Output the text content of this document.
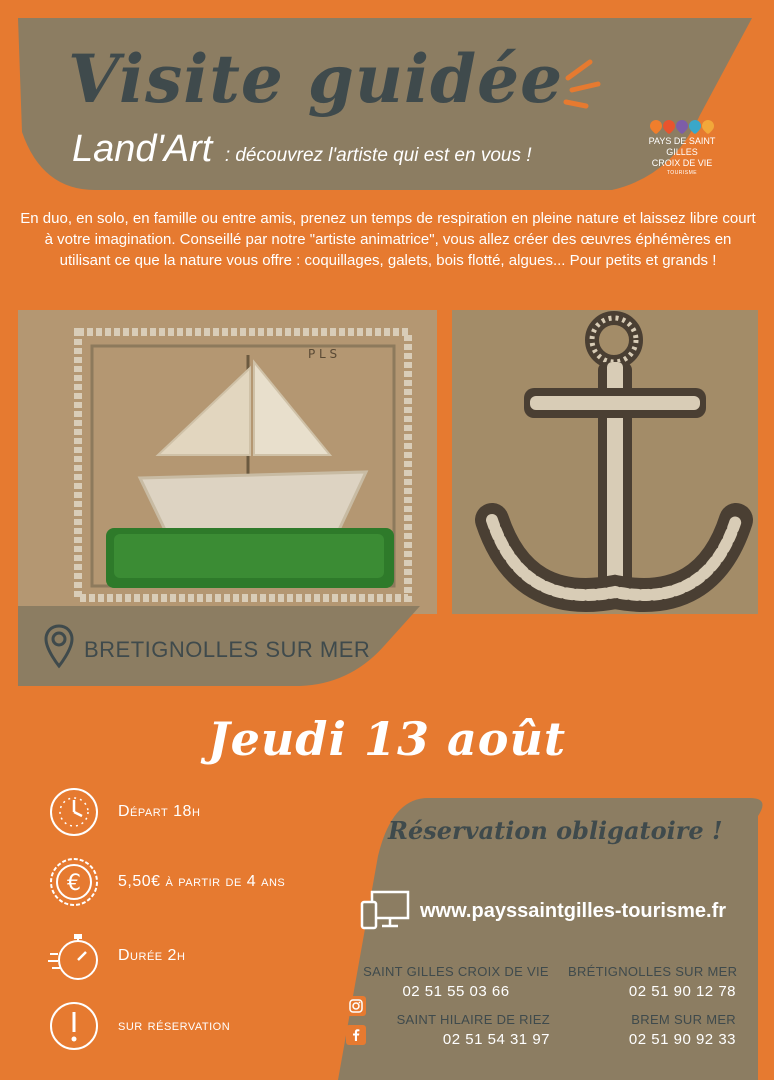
Visite guidée
Land'Art : découvrez l'artiste qui est en vous !
PAYS DE SAINT GILLES
CROIX DE VIE
TOURISME
En duo, en solo, en famille ou entre amis, prenez un temps de respiration en pleine nature et laissez libre court à votre imagination. Conseillé par notre "artiste animatrice", vous allez créer des œuvres éphémères en utilisant ce que la nature vous offre : coquillages, galets, bois flotté, algues... Pour petits et grands !
P L S
BRETIGNOLLES SUR MER
Jeudi 13 août
Départ 18h
€ 5,50€ à partir de 4 ans
Durée 2h
sur réservation
Réservation obligatoire !
www.payssaintgilles-tourisme.fr
SAINT GILLES CROIX DE VIE
02 51 55 03 66
BRÉTIGNOLLES SUR MER
02 51 90 12 78
SAINT HILAIRE DE RIEZ
02 51 54 31 97
BREM SUR MER
02 51 90 92 33
